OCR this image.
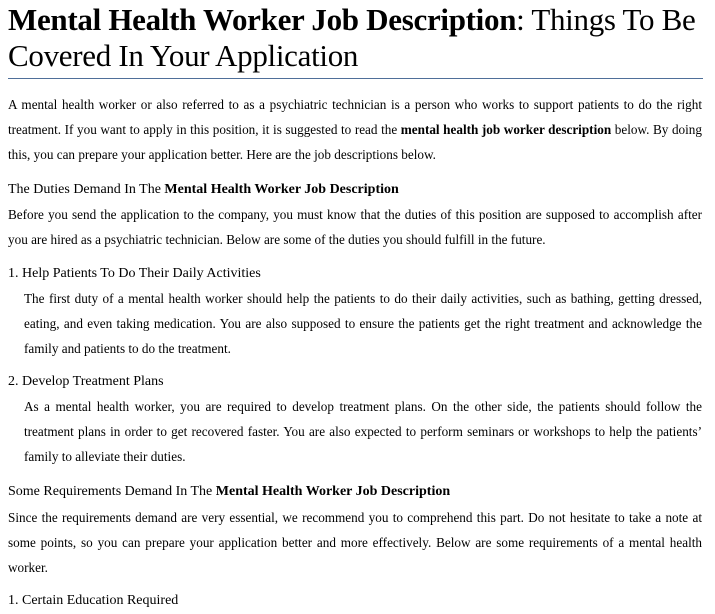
Mental Health Worker Job Description: Things To Be Covered In Your Application
A mental health worker or also referred to as a psychiatric technician is a person who works to support patients to do the right treatment. If you want to apply in this position, it is suggested to read the mental health job worker description below. By doing this, you can prepare your application better. Here are the job descriptions below.
The Duties Demand In The Mental Health Worker Job Description
Before you send the application to the company, you must know that the duties of this position are supposed to accomplish after you are hired as a psychiatric technician. Below are some of the duties you should fulfill in the future.
1. Help Patients To Do Their Daily Activities
The first duty of a mental health worker should help the patients to do their daily activities, such as bathing, getting dressed, eating, and even taking medication. You are also supposed to ensure the patients get the right treatment and acknowledge the family and patients to do the treatment.
2. Develop Treatment Plans
As a mental health worker, you are required to develop treatment plans. On the other side, the patients should follow the treatment plans in order to get recovered faster. You are also expected to perform seminars or workshops to help the patients’ family to alleviate their duties.
Some Requirements Demand In The Mental Health Worker Job Description
Since the requirements demand are very essential, we recommend you to comprehend this part. Do not hesitate to take a note at some points, so you can prepare your application better and more effectively. Below are some requirements of a mental health worker.
1. Certain Education Required
